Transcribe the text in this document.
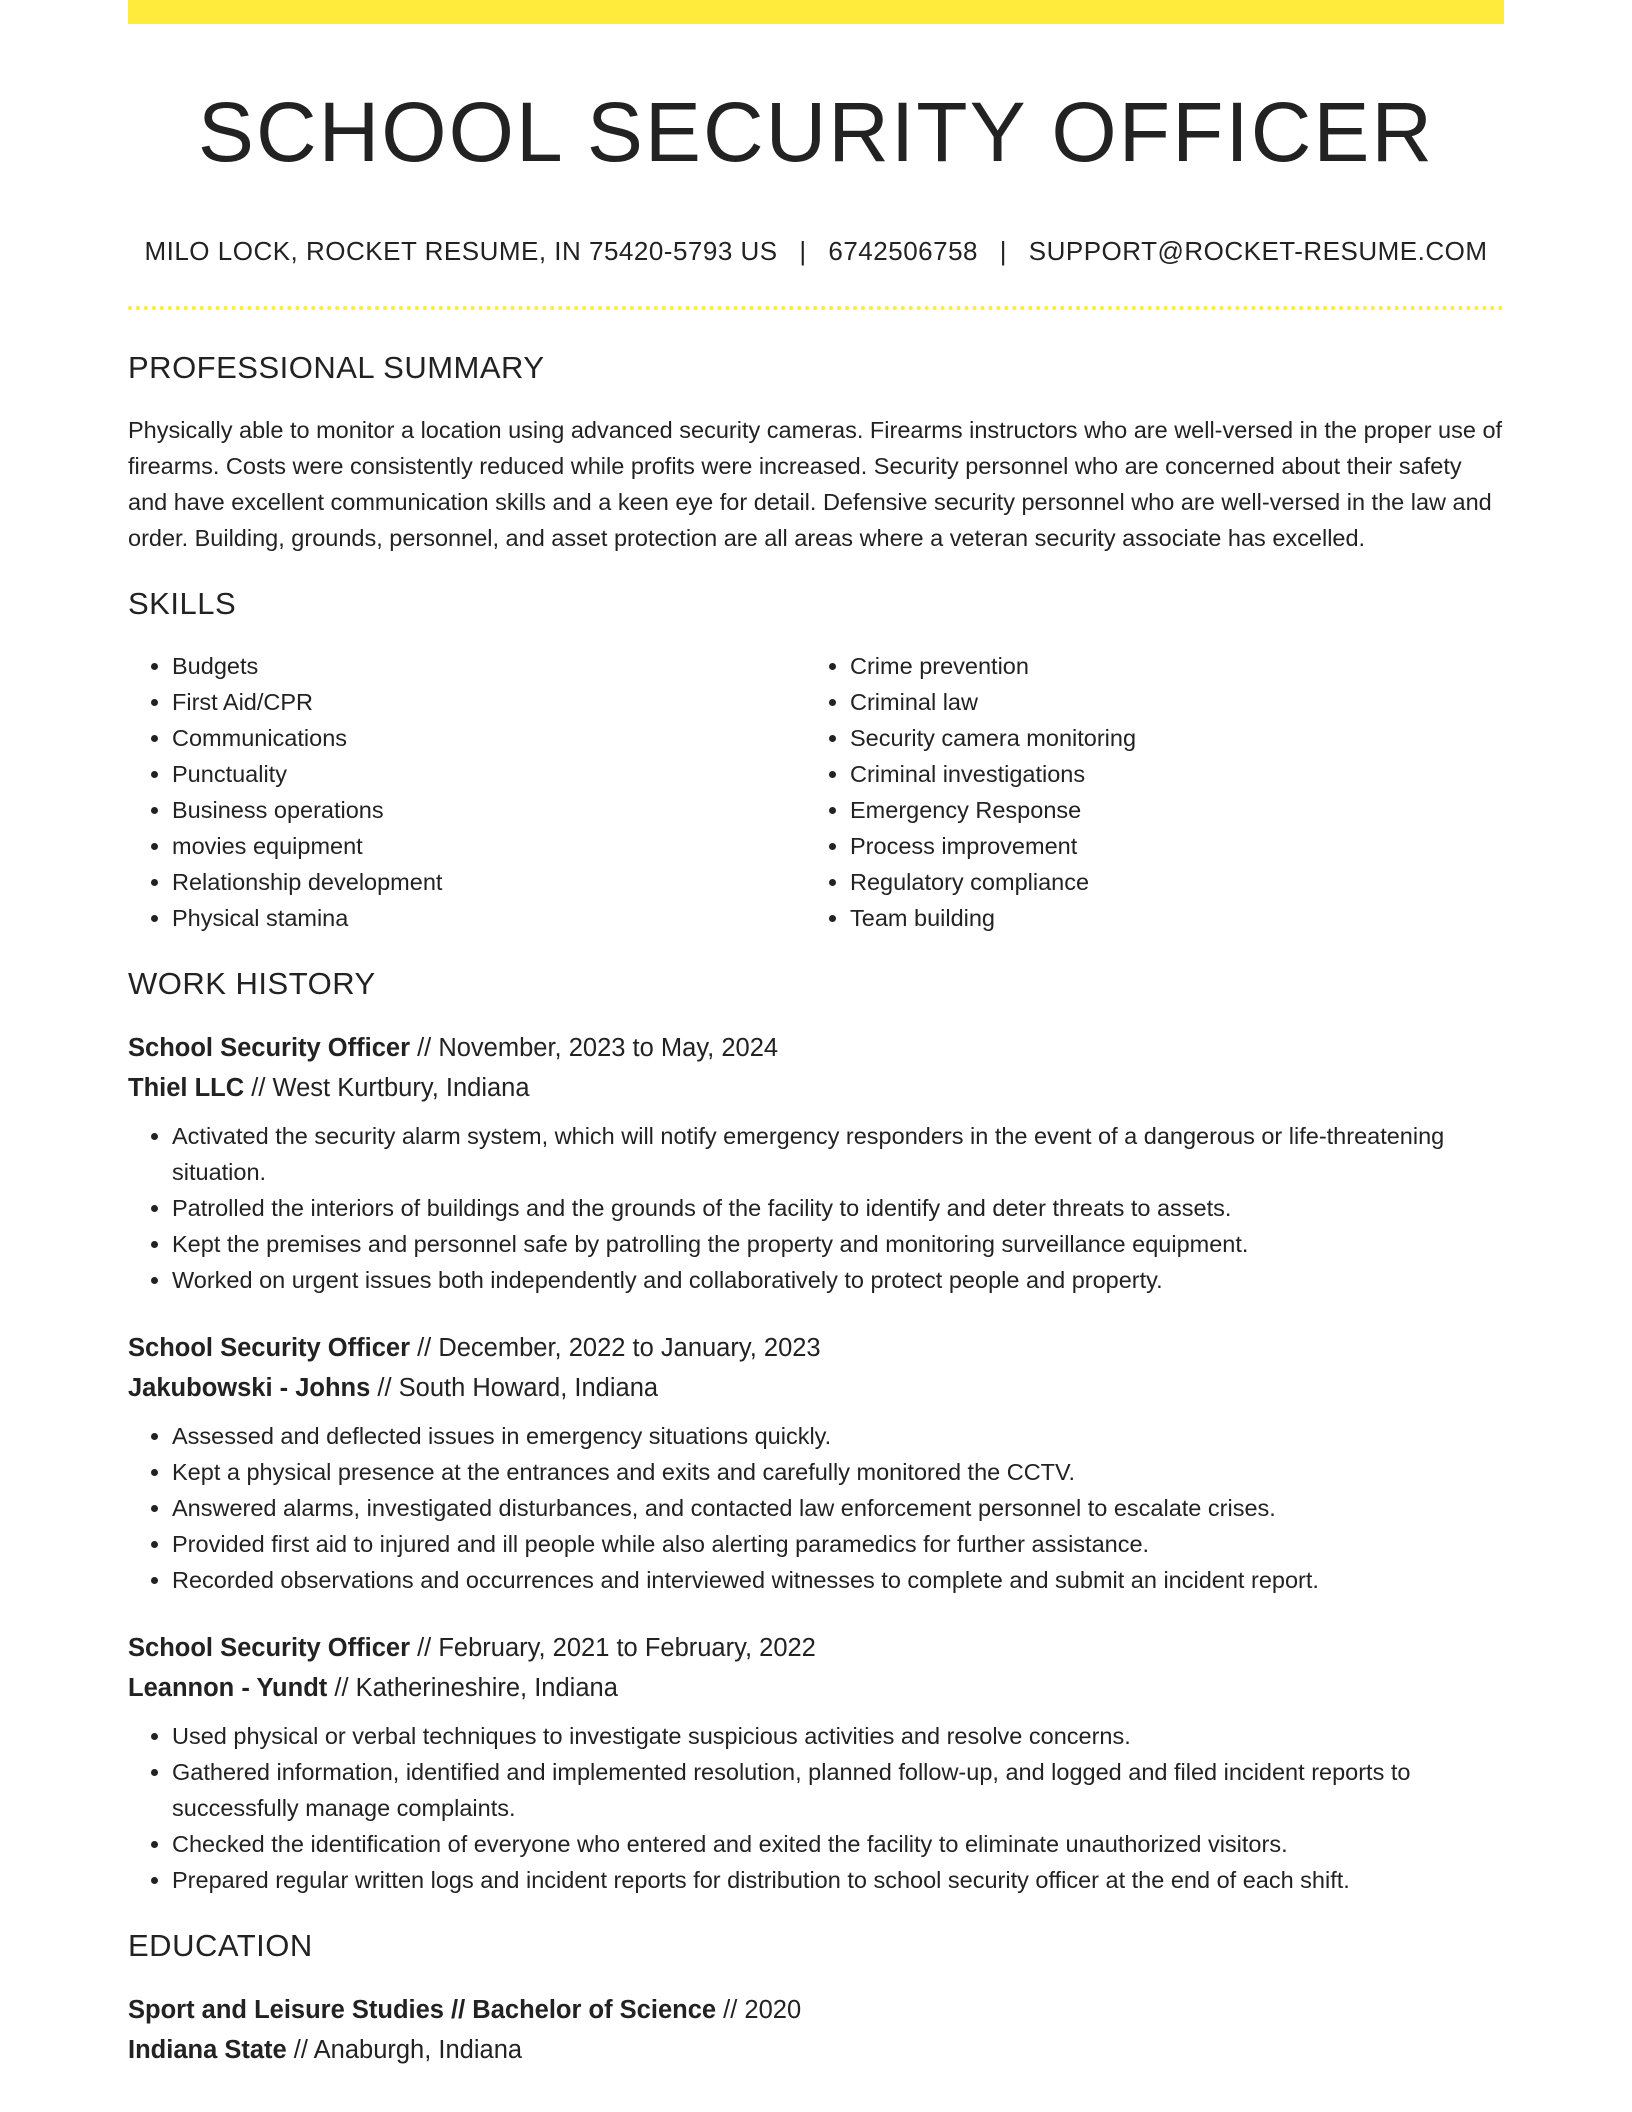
SCHOOL SECURITY OFFICER
MILO LOCK, ROCKET RESUME, IN 75420-5793 US | 6742506758 | SUPPORT@ROCKET-RESUME.COM
PROFESSIONAL SUMMARY

Physically able to monitor a location using advanced security cameras. Firearms instructors who are well-versed in the proper use of firearms. Costs were consistently reduced while profits were increased. Security personnel who are concerned about their safety and have excellent communication skills and a keen eye for detail. Defensive security personnel who are well-versed in the law and order. Building, grounds, personnel, and asset protection are all areas where a veteran security associate has excelled.

SKILLS
• Budgets
• First Aid/CPR
• Communications
• Punctuality
• Business operations
• movies equipment
• Relationship development
• Physical stamina
• Crime prevention
• Criminal law
• Security camera monitoring
• Criminal investigations
• Emergency Response
• Process improvement
• Regulatory compliance
• Team building
WORK HISTORY
School Security Officer // November, 2023 to May, 2024
Thiel LLC // West Kurtbury, Indiana
• Activated the security alarm system, which will notify emergency responders in the event of a dangerous or life-threatening situation.
• Patrolled the interiors of buildings and the grounds of the facility to identify and deter threats to assets.
• Kept the premises and personnel safe by patrolling the property and monitoring surveillance equipment.
• Worked on urgent issues both independently and collaboratively to protect people and property.
School Security Officer // December, 2022 to January, 2023
Jakubowski - Johns // South Howard, Indiana
• Assessed and deflected issues in emergency situations quickly.
• Kept a physical presence at the entrances and exits and carefully monitored the CCTV.
• Answered alarms, investigated disturbances, and contacted law enforcement personnel to escalate crises.
• Provided first aid to injured and ill people while also alerting paramedics for further assistance.
• Recorded observations and occurrences and interviewed witnesses to complete and submit an incident report.
School Security Officer // February, 2021 to February, 2022
Leannon - Yundt // Katherineshire, Indiana
• Used physical or verbal techniques to investigate suspicious activities and resolve concerns.
• Gathered information, identified and implemented resolution, planned follow-up, and logged and filed incident reports to successfully manage complaints.
• Checked the identification of everyone who entered and exited the facility to eliminate unauthorized visitors.
• Prepared regular written logs and incident reports for distribution to school security officer at the end of each shift.
EDUCATION
Sport and Leisure Studies // Bachelor of Science // 2020
Indiana State // Anaburgh, Indiana
